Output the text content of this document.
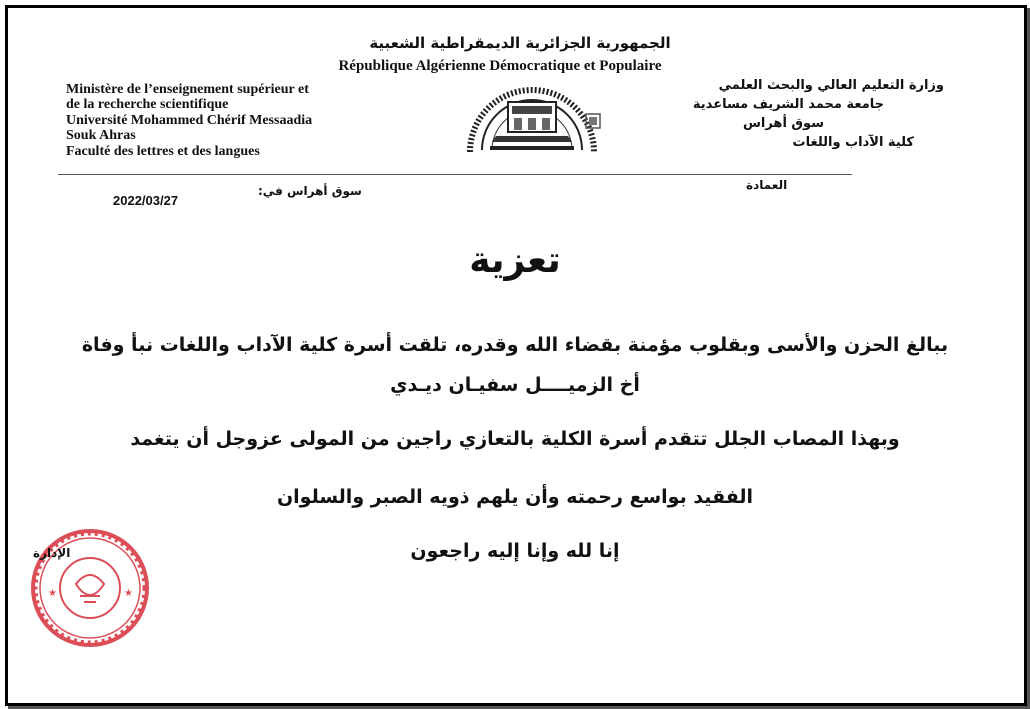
الجمهورية الجزائرية الديمقراطية الشعبية
République Algérienne Démocratique et Populaire
Ministère de l’enseignement supérieur et
de la recherche scientifique
Université Mohammed Chérif Messaadia
Souk Ahras
Faculté des lettres et des langues
وزارة التعليم العالي والبحث العلمي
جامعة محمد الشريف مساعدية
سوق أهراس
كلية الآداب واللغات
2022/03/27
سوق أهراس في:	العمادة
تعزية
ببالغ الحزن والأسى وبقلوب مؤمنة بقضاء الله وقدره، تلقت أسرة كلية الآداب واللغات نبأ وفاة
أخ الزميــــل سفيـان ديـدي
وبهذا المصاب الجلل تتقدم أسرة الكلية بالتعازي راجين من المولى عزوجل أن يتغمد
الفقيد بواسع رحمته وأن يلهم ذويه الصبر والسلوان
إنا لله وإنا إليه راجعون
★	★
الإدارة
